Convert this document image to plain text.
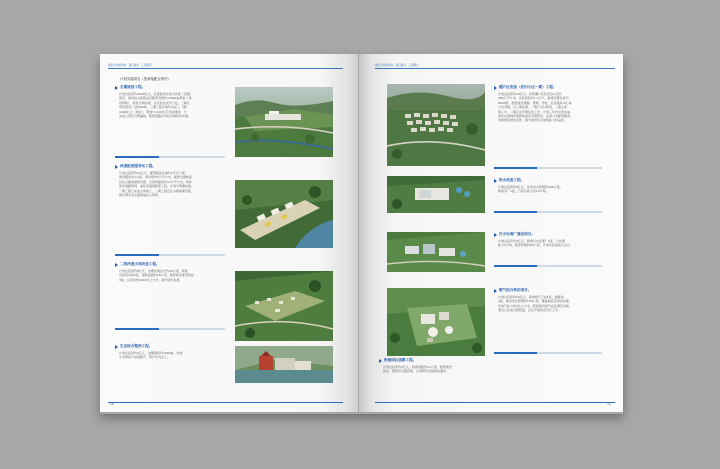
国家计划和规划 · 项目建设 · 工程简介
计划实施项目（按承接配合排序）
长期规划工程。
计划总投资约3000亿元，沿高铁线布设分阶段（近期）
建设，建设综合枢纽站及配套设施约12500亩用地（建
设用地），项目分期实施，全线设站点约十处。二期可
利用现有厂站约60吨，二期工程计划年内完工（期）
1900亿元（地区），规划与1100亿元同步推进，已
完成立项及可研编制，配套道路及市政设施同步实施。
林道配套服务站工程。
计划总投资约12亿元，配套服务区域约2平方公里，
建设服务中心1座，停车场约5万平方米，配套仓储物流
及综合服务楼等设施，总建筑面积约12万平方米，同步
建设道路管网、绿化景观等配套工程，计划分两期实施，
一期工程已完成主体施工，二期工程正在办理前期手续，
预计明年底全面建成投入使用。
二级河道水库改造工程。
计划总投资约8亿元，治理河道总长约24公里，新建
及改造水库2座，堤防加固约18公里，配套建设排涝泵站
3座，总库容约4200万立方米，提升防洪标准。
生态综合整治工程。
计划总投资约2亿元，治理面积约3000亩，实施
生态修复与景观提升，预计年内完工。
10
国家计划和规划 · 项目建设 · 工程简介
棚户区改造（老旧小区一期）工程。
计划总投资约16亿元，改造棚户区及老旧小区约
280万平方米，涉及居民约1.2万户，新建安置住房约
8000套，配套建设道路、管网、学校、社区服务中心等
公共设施，分三期实施，一期已交付使用，二期主体
施工中，三期正在开展征收工作，计划三年内全部完成。
同步实施城市更新和街区风貌整治，完善公共配套服务，
改善居民居住条件，提升城市综合承载能力和品质。
供水改造工程。
计划总投资约6亿元，改造供水管网约180公里，
新建水厂1座，日供水能力约10万吨。
污水处理厂建设项目。
计划总投资约4亿元，新建污水处理厂1座，日处理
能力5万吨，配套管网约60公里，计划年底前投入运行。
燃气综合利用项目。
计划总投资约10亿元，新建燃气门站1座，储配站
2座，铺设中压管网约150公里，覆盖城区及周边乡镇，
年供气能力约3亿立方米，配套建设加气站及调压设施，
项目已完成可研批复，正在开展初步设计工作。
物流园区道路工程。
计划总投资约3亿元，新建道路约12公里，配套建设
排水、照明及交通设施，计划明年底前建成通车。
11
